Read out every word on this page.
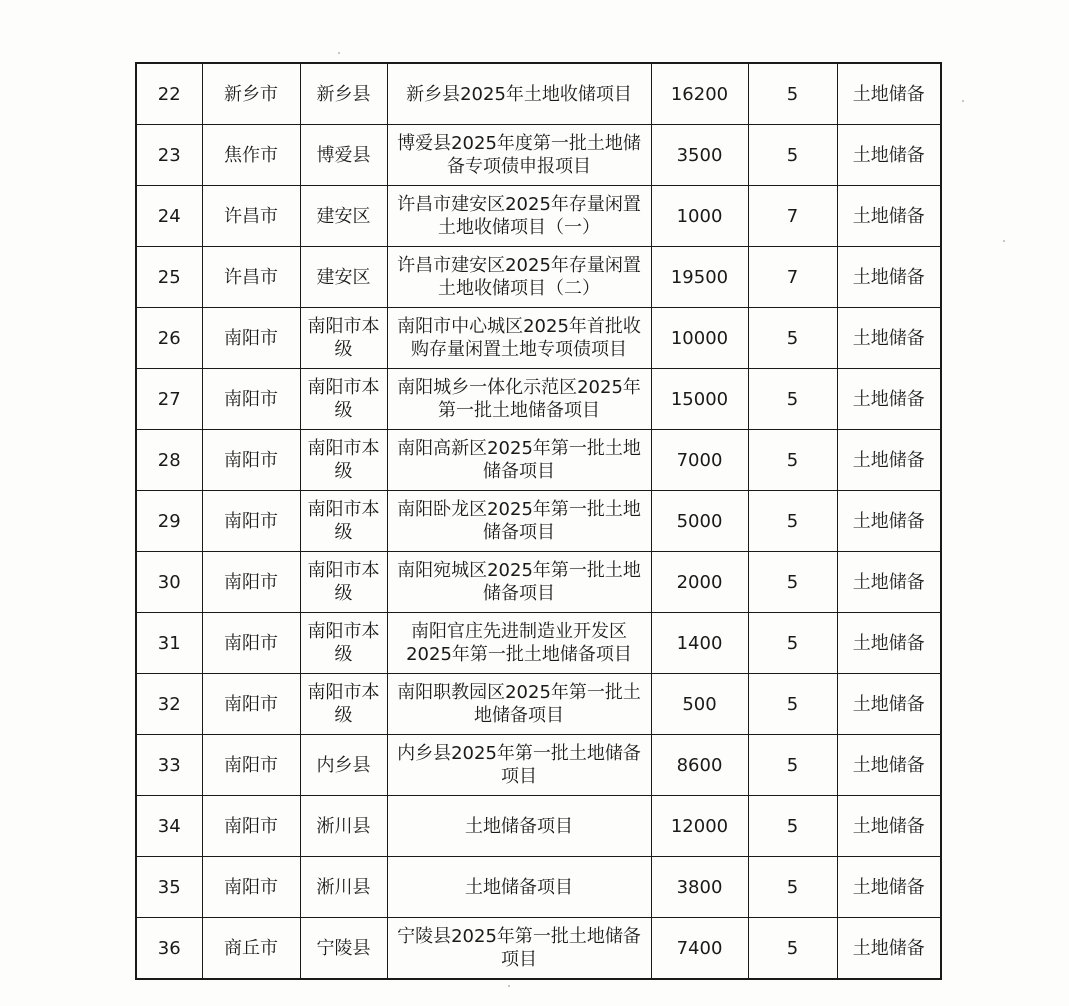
22	新乡市	新乡县	新乡县2025年土地收储项目	16200	5	土地储备
23	焦作市	博爱县	博爱县2025年度第一批土地储备专项债申报项目	3500	5	土地储备
24	许昌市	建安区	许昌市建安区2025年存量闲置土地收储项目（一）	1000	7	土地储备
25	许昌市	建安区	许昌市建安区2025年存量闲置土地收储项目（二）	19500	7	土地储备
26	南阳市	南阳市本级	南阳市中心城区2025年首批收购存量闲置土地专项债项目	10000	5	土地储备
27	南阳市	南阳市本级	南阳城乡一体化示范区2025年第一批土地储备项目	15000	5	土地储备
28	南阳市	南阳市本级	南阳高新区2025年第一批土地储备项目	7000	5	土地储备
29	南阳市	南阳市本级	南阳卧龙区2025年第一批土地储备项目	5000	5	土地储备
30	南阳市	南阳市本级	南阳宛城区2025年第一批土地储备项目	2000	5	土地储备
31	南阳市	南阳市本级	南阳官庄先进制造业开发区2025年第一批土地储备项目	1400	5	土地储备
32	南阳市	南阳市本级	南阳职教园区2025年第一批土地储备项目	500	5	土地储备
33	南阳市	内乡县	内乡县2025年第一批土地储备项目	8600	5	土地储备
34	南阳市	淅川县	土地储备项目	12000	5	土地储备
35	南阳市	淅川县	土地储备项目	3800	5	土地储备
36	商丘市	宁陵县	宁陵县2025年第一批土地储备项目	7400	5	土地储备
